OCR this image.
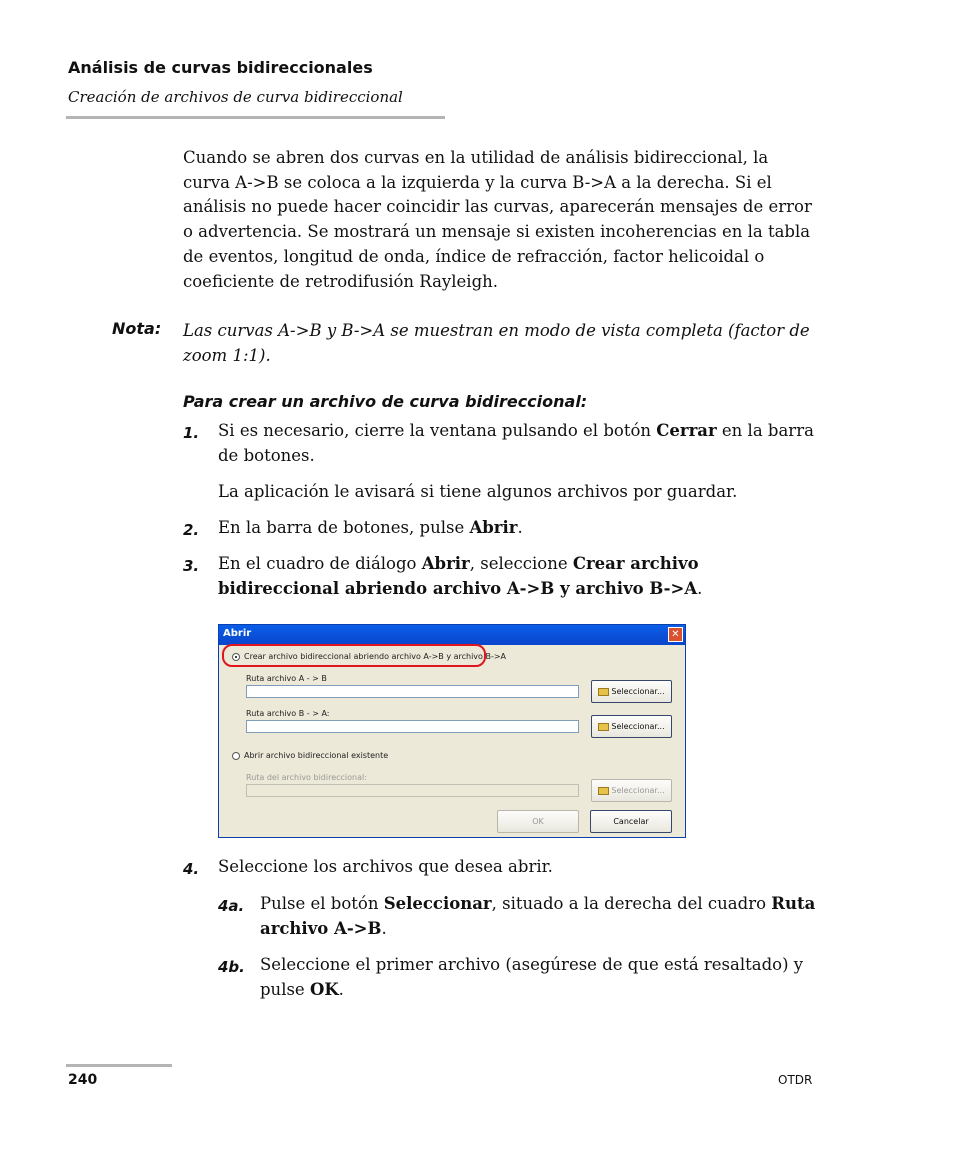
Análisis de curvas bidireccionales
Creación de archivos de curva bidireccional
Cuando se abren dos curvas en la utilidad de análisis bidireccional, la curva A->B se coloca a la izquierda y la curva B->A a la derecha. Si el análisis no puede hacer coincidir las curvas, aparecerán mensajes de error o advertencia. Se mostrará un mensaje si existen incoherencias en la tabla de eventos, longitud de onda, índice de refracción, factor helicoidal o coeficiente de retrodifusión Rayleigh.
Nota: Las curvas A->B y B->A se muestran en modo de vista completa (factor de zoom 1:1).
Para crear un archivo de curva bidireccional:
1. Si es necesario, cierre la ventana pulsando el botón Cerrar en la barra de botones.
La aplicación le avisará si tiene algunos archivos por guardar.
2. En la barra de botones, pulse Abrir.
3. En el cuadro de diálogo Abrir, seleccione Crear archivo bidireccional abriendo archivo A->B y archivo B->A.
Abrir	✕
Crear archivo bidireccional abriendo archivo A->B y archivo B->A
Ruta archivo A - > B
Seleccionar...
Ruta archivo B - > A:
Seleccionar...
Abrir archivo bidireccional existente
Ruta del archivo bidireccional:
Seleccionar...
OK	Cancelar
4. Seleccione los archivos que desea abrir.
4a. Pulse el botón Seleccionar, situado a la derecha del cuadro Ruta archivo A->B.
4b. Seleccione el primer archivo (asegúrese de que está resaltado) y pulse OK.
240	OTDR
